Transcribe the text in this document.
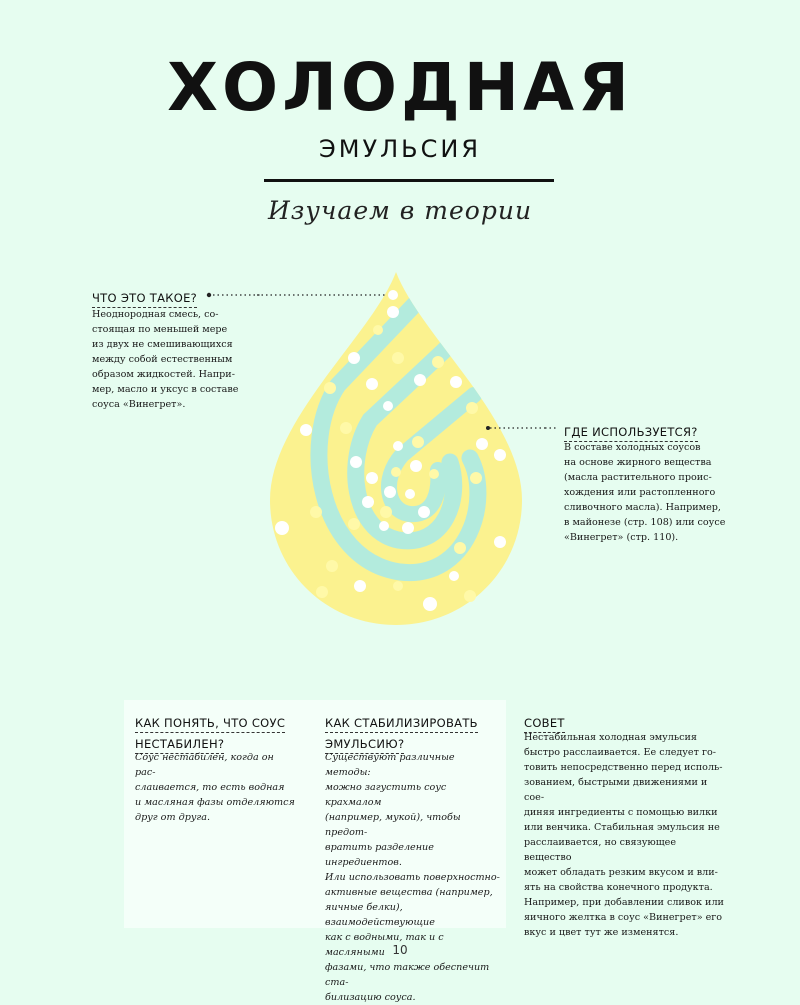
ХОЛОДНАЯ
ЭМУЛЬСИЯ
Изучаем в теории
ЧТО ЭТО ТАКОЕ?

Неоднородная смесь, со-
стоящая по меньшей мере
из двух не смешивающихся
между собой естественным
образом жидкостей. Напри-
мер, масло и уксус в составе
соуса «Винегрет».

ГДЕ ИСПОЛЬЗУЕТСЯ?

В составе холодных соусов
на основе жирного вещества
(масла растительного проис-
хождения или растопленного
сливочного масла). Например,
в майонезе (стр. 108) или соусе
«Винегрет» (стр. 110).

КАК ПОНЯТЬ, ЧТО СОУС
НЕСТАБИЛЕН?

Соус нестабилен, когда он рас-
слаивается, то есть водная
и масляная фазы отделяются
друг от друга.

КАК СТАБИЛИЗИРОВАТЬ
ЭМУЛЬСИЮ?

Существуют различные методы:
можно загустить соус крахмалом
(например, мукой), чтобы предот-
вратить разделение ингредиентов.
Или использовать поверхностно-
активные вещества (например,
яичные белки), взаимодействующие
как с водными, так и с масляными
фазами, что также обеспечит ста-
билизацию соуса.

СОВЕТ

Нестабильная холодная эмульсия
быстро расслаивается. Ее следует го-
товить непосредственно перед исполь-
зованием, быстрыми движениями и сое-
диняя ингредиенты с помощью вилки
или венчика. Стабильная эмульсия не
расслаивается, но связующее вещество
может обладать резким вкусом и вли-
ять на свойства конечного продукта.
Например, при добавлении сливок или
яичного желтка в соус «Винегрет» его
вкус и цвет тут же изменятся.

10
